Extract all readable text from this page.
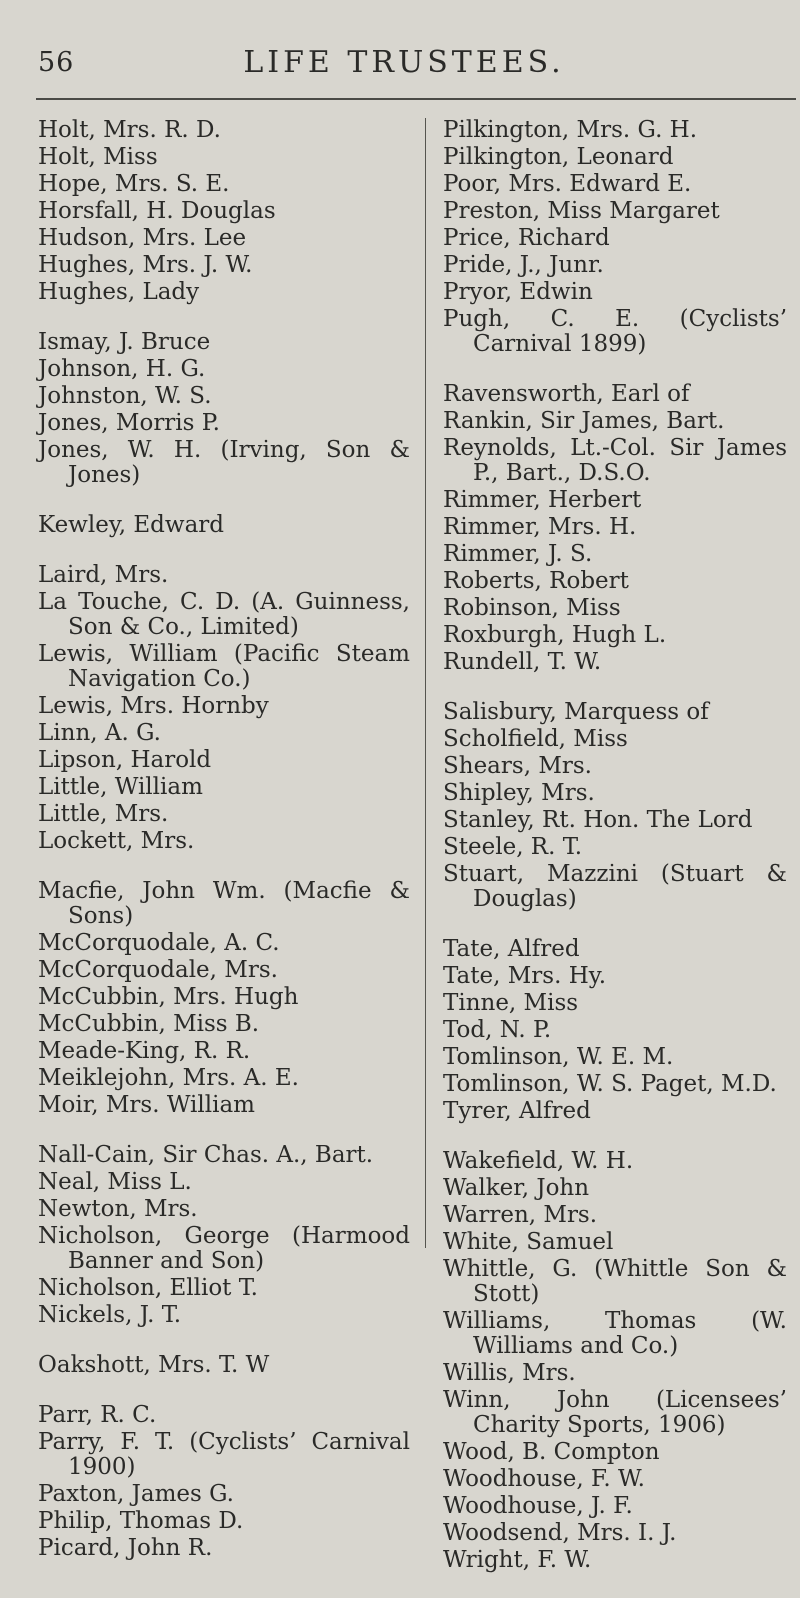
56	LIFE TRUSTEES.
Holt, Mrs. R. D.
Holt, Miss
Hope, Mrs. S. E.
Horsfall, H. Douglas
Hudson, Mrs. Lee
Hughes, Mrs. J. W.
Hughes, Lady
Ismay, J. Bruce
Johnson, H. G.
Johnston, W. S.
Jones, Morris P.
Jones, W. H. (Irving, Son & Jones)
Kewley, Edward
Laird, Mrs.
La Touche, C. D. (A. Guinness, Son & Co., Limited)
Lewis, William (Pacific Steam Navigation Co.)
Lewis, Mrs. Hornby
Linn, A. G.
Lipson, Harold
Little, William
Little, Mrs.
Lockett, Mrs.
Macfie, John Wm. (Macfie & Sons)
McCorquodale, A. C.
McCorquodale, Mrs.
McCubbin, Mrs. Hugh
McCubbin, Miss B.
Meade-King, R. R.
Meiklejohn, Mrs. A. E.
Moir, Mrs. William
Nall-Cain, Sir Chas. A., Bart.
Neal, Miss L.
Newton, Mrs.
Nicholson, George (Harmood Banner and Son)
Nicholson, Elliot T.
Nickels, J. T.
Oakshott, Mrs. T. W
Parr, R. C.
Parry, F. T. (Cyclists’ Carnival 1900)
Paxton, James G.
Philip, Thomas D.
Picard, John R.
Pilkington, Mrs. G. H.
Pilkington, Leonard
Poor, Mrs. Edward E.
Preston, Miss Margaret
Price, Richard
Pride, J., Junr.
Pryor, Edwin
Pugh, C. E. (Cyclists’ Carnival 1899)
Ravensworth, Earl of
Rankin, Sir James, Bart.
Reynolds, Lt.-Col. Sir James P., Bart., D.S.O.
Rimmer, Herbert
Rimmer, Mrs. H.
Rimmer, J. S.
Roberts, Robert
Robinson, Miss
Roxburgh, Hugh L.
Rundell, T. W.
Salisbury, Marquess of
Scholfield, Miss
Shears, Mrs.
Shipley, Mrs.
Stanley, Rt. Hon. The Lord
Steele, R. T.
Stuart, Mazzini (Stuart & Douglas)
Tate, Alfred
Tate, Mrs. Hy.
Tinne, Miss
Tod, N. P.
Tomlinson, W. E. M.
Tomlinson, W. S. Paget, M.D.
Tyrer, Alfred
Wakefield, W. H.
Walker, John
Warren, Mrs.
White, Samuel
Whittle, G. (Whittle Son & Stott)
Williams, Thomas (W. Williams and Co.)
Willis, Mrs.
Winn, John (Licensees’ Charity Sports, 1906)
Wood, B. Compton
Woodhouse, F. W.
Woodhouse, J. F.
Woodsend, Mrs. I. J.
Wright, F. W.
